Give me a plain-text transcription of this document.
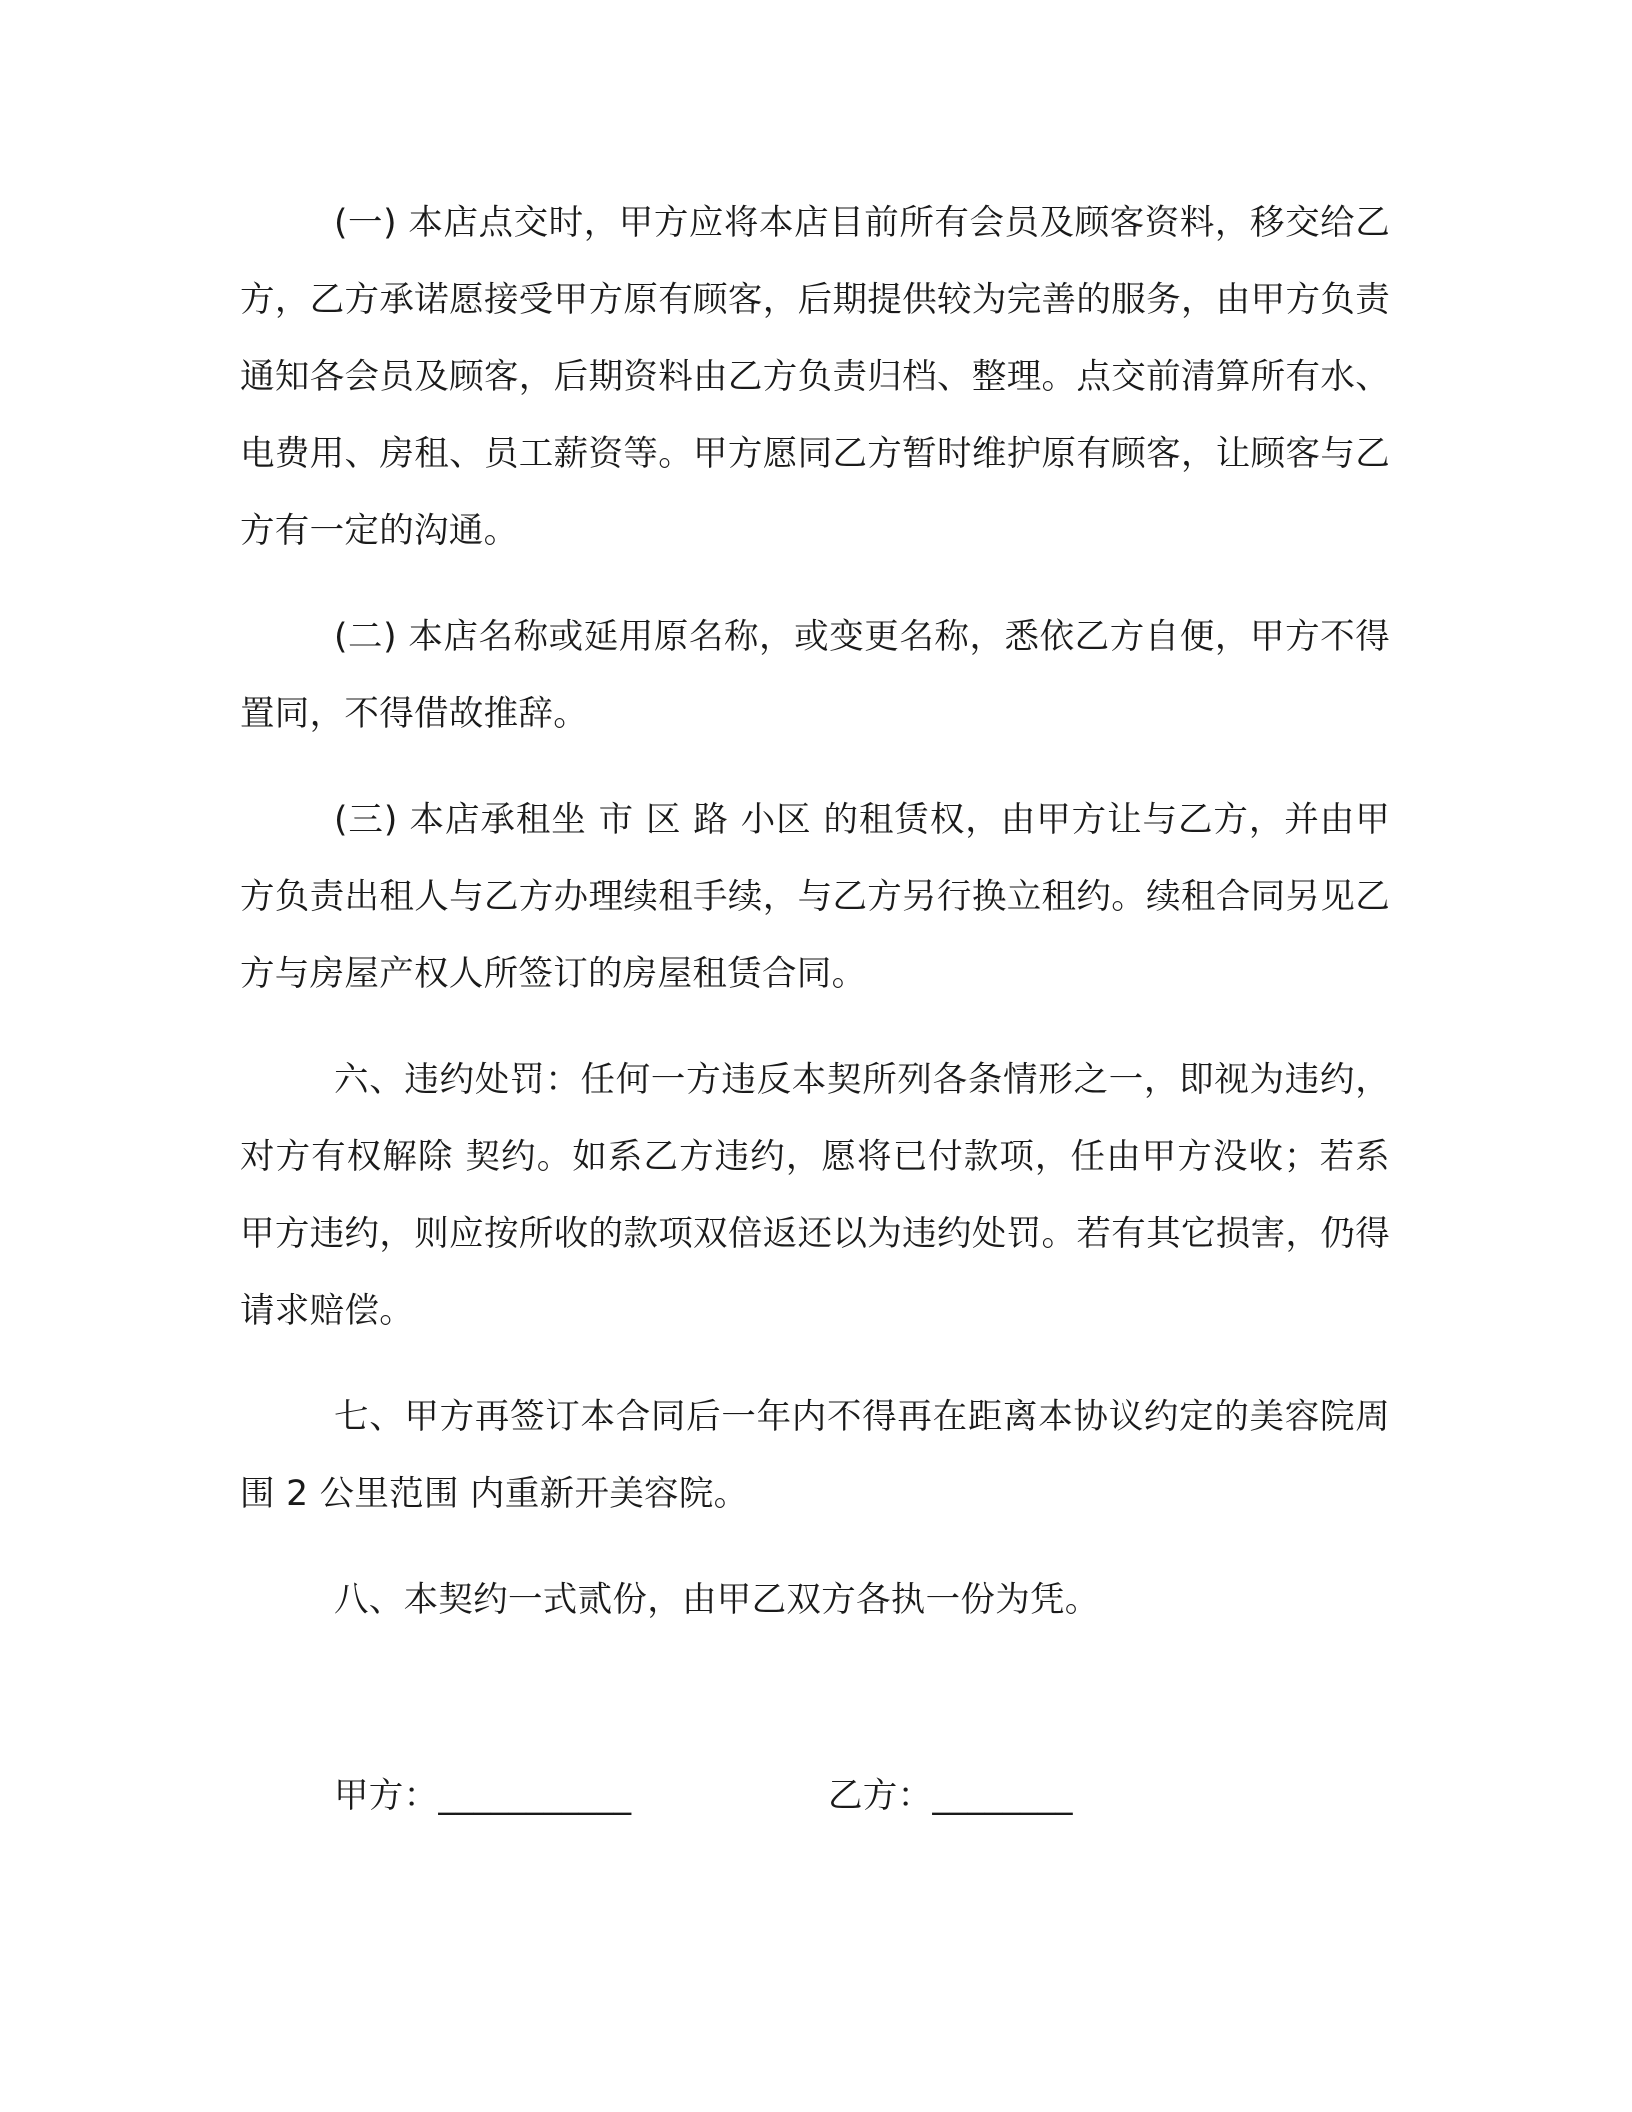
(一) 本店点交时，甲方应将本店目前所有会员及顾客资料，移交给乙方，乙方承诺愿接受甲方原有顾客，后期提供较为完善的服务，由甲方负责通知各会员及顾客，后期资料由乙方负责归档、整理。点交前清算所有水、电费用、房租、员工薪资等。甲方愿同乙方暂时维护原有顾客，让顾客与乙方有一定的沟通。

(二) 本店名称或延用原名称，或变更名称，悉依乙方自便，甲方不得置同，不得借故推辞。

(三) 本店承租坐 市 区 路 小区 的租赁权，由甲方让与乙方，并由甲方负责出租人与乙方办理续租手续，与乙方另行换立租约。续租合同另见乙方与房屋产权人所签订的房屋租赁合同。

六、违约处罚：任何一方违反本契所列各条情形之一，即视为违约，对方有权解除 契约。如系乙方违约，愿将已付款项，任由甲方没收；若系甲方违约，则应按所收的款项双倍返还以为违约处罚。若有其它损害，仍得请求赔偿。

七、甲方再签订本合同后一年内不得再在距离本协议约定的美容院周围 2 公里范围 内重新开美容院。

八、本契约一式贰份，由甲乙双方各执一份为凭。

甲方：___________	乙方：________
